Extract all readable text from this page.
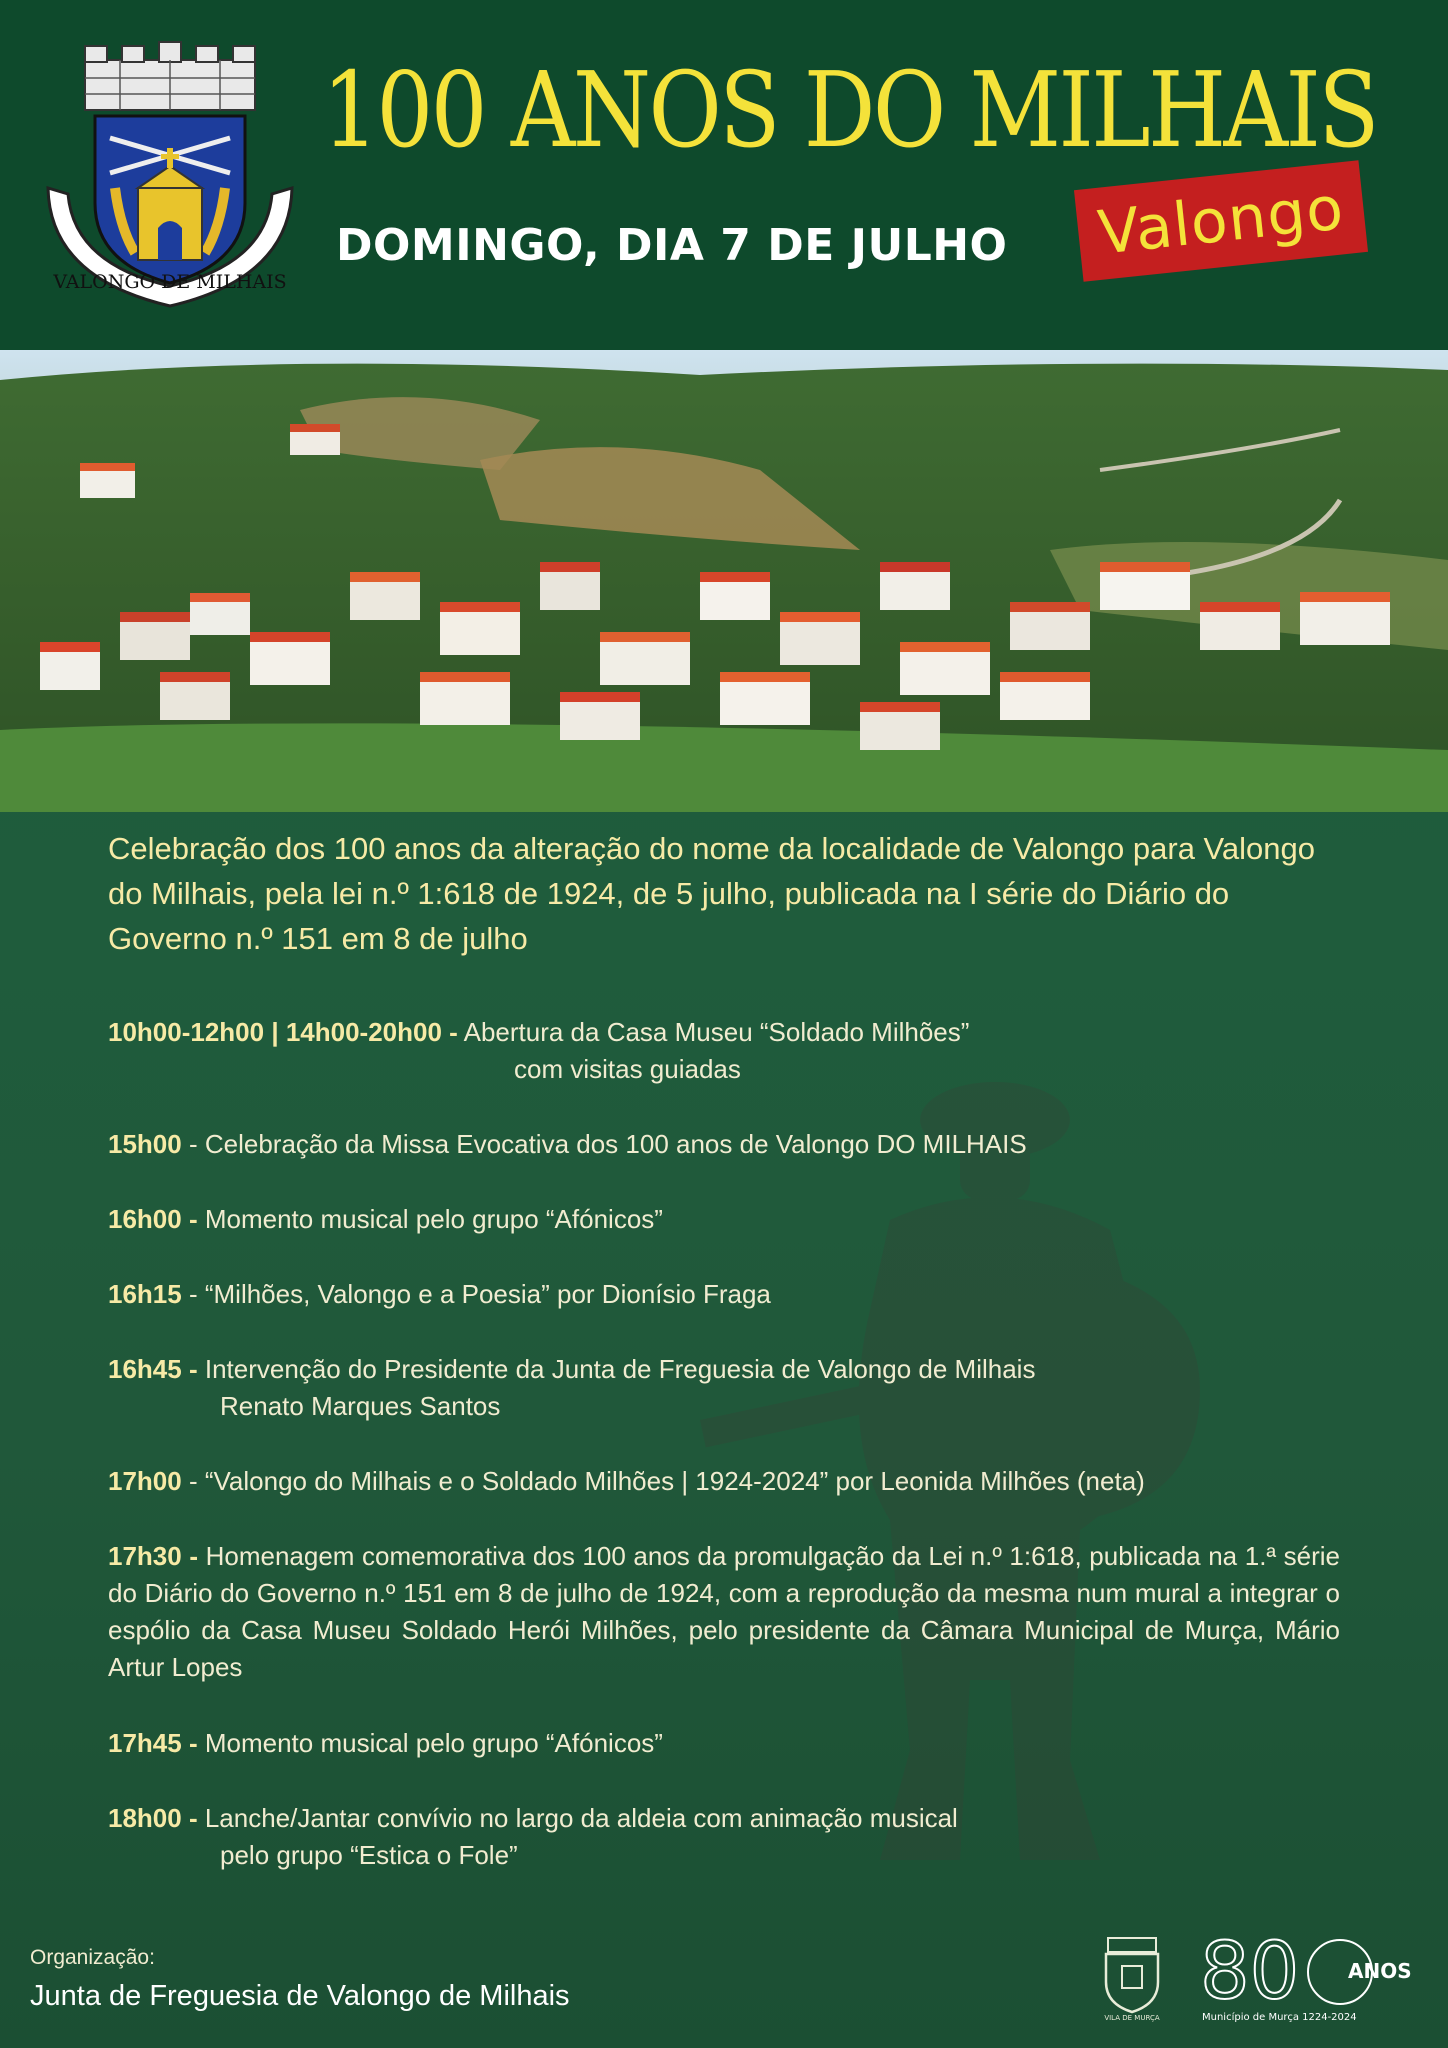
VALONGO DE MILHAIS
100 ANOS DO MILHAIS
DOMINGO, DIA 7 DE JULHO Valongo
Celebração dos 100 anos da alteração do nome da localidade de Valongo para Valongo do Milhais, pela lei n.º 1:618 de 1924, de 5 julho, publicada na I série do Diário do Governo n.º 151 em 8 de julho
10h00-12h00 | 14h00-20h00 - Abertura da Casa Museu “Soldado Milhões”
com visitas guiadas
15h00 - Celebração da Missa Evocativa dos 100 anos de Valongo DO MILHAIS
16h00 - Momento musical pelo grupo “Afónicos”
16h15 - “Milhões, Valongo e a Poesia” por Dionísio Fraga
16h45 - Intervenção do Presidente da Junta de Freguesia de Valongo de Milhais
Renato Marques Santos
17h00 - “Valongo do Milhais e o Soldado Milhões | 1924-2024” por Leonida Milhões (neta)
17h30 - Homenagem comemorativa dos 100 anos da promulgação da Lei n.º 1:618, publicada na 1.ª série do Diário do Governo n.º 151 em 8 de julho de 1924, com a reprodução da mesma num mural a integrar o espólio da Casa Museu Soldado Herói Milhões, pelo presidente da Câmara Municipal de Murça, Mário Artur Lopes
17h45 - Momento musical pelo grupo “Afónicos”
18h00 - Lanche/Jantar convívio no largo da aldeia com animação musical
pelo grupo “Estica o Fole”
Organização:
Junta de Freguesia de Valongo de Milhais
VILA DE MURÇA
80 ANOS
Município de Murça 1224-2024
